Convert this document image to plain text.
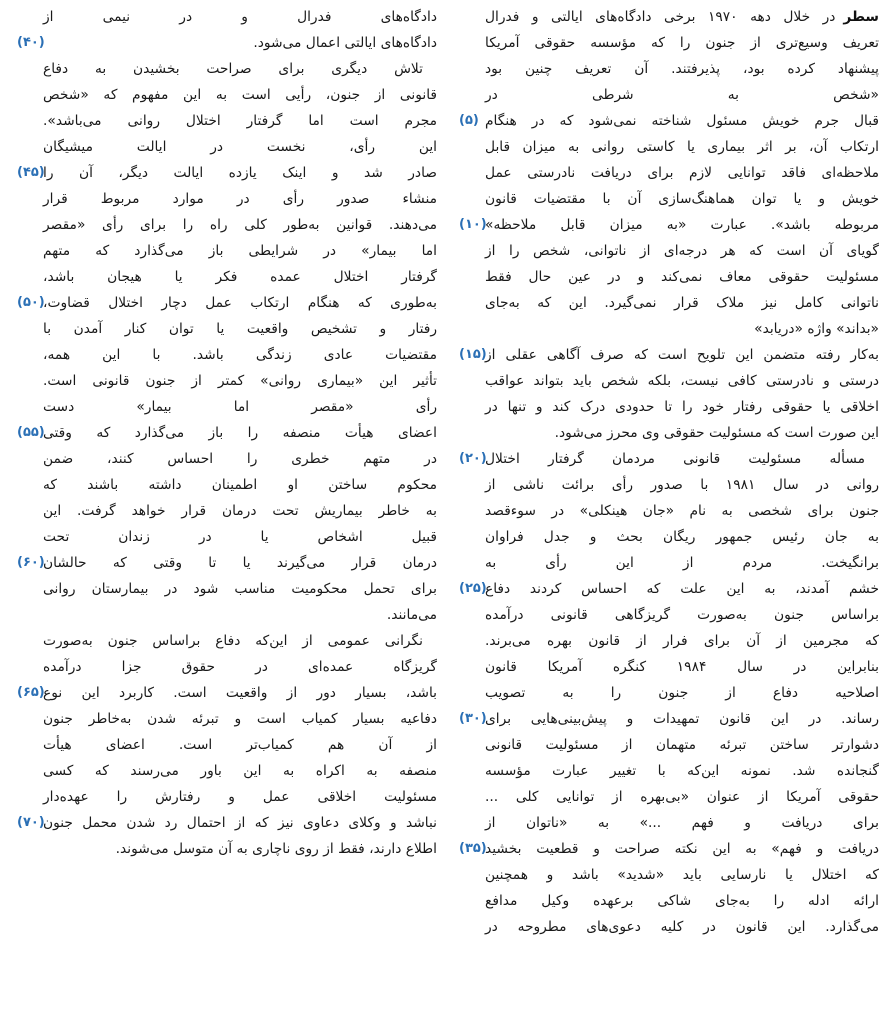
سطردر خلال دهه ۱۹۷۰ برخی دادگاه‌های ایالتی و فدرال
تعریف وسیع‌تری از جنون را که مؤسسه حقوقی آمریکا
پیشنهاد کرده بود، پذیرفتند. آن تعریف چنین بود
«شخص به شرطی در
قبال جرم خویش مسئول شناخته نمی‌شود که در هنگام
(۵)
ارتکاب آن، بر اثر بیماری یا کاستی روانی به میزان قابل
ملاحظه‌ای فاقد توانایی لازم برای دریافت نادرستی عمل
خویش و یا توان هماهنگ‌سازی آن با مقتضیات قانون
مربوطه باشد». عبارت «به میزان قابل ملاحظه»
(۱۰)
گویای آن است که هر درجه‌ای از ناتوانی، شخص را از
مسئولیت حقوقی معاف نمی‌کند و در عین حال فقط
ناتوانی کامل نیز ملاک قرار نمی‌گیرد. این که به‌جای
«بداند» واژه «دریابد»
به‌کار رفته متضمن این تلویح است که صرف آگاهی عقلی از
(۱۵)
درستی و نادرستی کافی نیست، بلکه شخص باید بتواند عواقب
اخلاقی یا حقوقی رفتار خود را تا حدودی درک کند و تنها در
این صورت است که مسئولیت حقوقی وی محرز می‌شود.
مسأله مسئولیت قانونی مردمان گرفتار اختلال
(۲۰)
روانی در سال ۱۹۸۱ با صدور رأی برائت ناشی از
جنون برای شخصی به نام «جان هینکلی» در سوءقصد
به جان رئیس جمهور ریگان بحث و جدل فراوان
برانگیخت. مردم از این رأی به
خشم آمدند، به این علت که احساس کردند دفاع
(۲۵)
براساس جنون به‌صورت گریزگاهی قانونی درآمده
که مجرمین از آن برای فرار از قانون بهره می‌برند.
بنابراین در سال ۱۹۸۴ کنگره آمریکا قانون
اصلاحیه دفاع از جنون را به تصویب
رساند. در این قانون تمهیدات و پیش‌بینی‌هایی برای
(۳۰)
دشوارتر ساختن تبرئه متهمان از مسئولیت قانونی
گنجانده شد. نمونه این‌که با تغییر عبارت مؤسسه
حقوقی آمریکا از عنوان «بی‌بهره از توانایی کلی ...
برای دریافت و فهم ...» به «ناتوان از
دریافت و فهم» به این نکته صراحت و قطعیت بخشید
(۳۵)
که اختلال یا نارسایی باید «شدید» باشد و همچنین
ارائه ادله را به‌جای شاکی برعهده وکیل مدافع
می‌گذارد. این قانون در کلیه دعوی‌های مطروحه در
دادگاه‌های فدرال و در نیمی از
دادگاه‌های ایالتی اعمال می‌شود.
(۴۰)
تلاش دیگری برای صراحت بخشیدن به دفاع
قانونی از جنون، رأیی است به این مفهوم که «شخص
مجرم است اما گرفتار اختلال روانی می‌باشد».
این رأی، نخست در ایالت میشیگان
صادر شد و اینک یازده ایالت دیگر، آن را
(۴۵)
منشاء صدور رأی در موارد مربوط قرار
می‌دهند. قوانین به‌طور کلی راه را برای رأی «مقصر
اما بیمار» در شرایطی باز می‌گذارد که متهم
گرفتار اختلال عمده فکر یا هیجان باشد،
به‌طوری که هنگام ارتکاب عمل دچار اختلال قضاوت،
(۵۰)
رفتار و تشخیص واقعیت یا توان کنار آمدن با
مقتضیات عادی زندگی باشد. با این همه،
تأثیر این «بیماری روانی» کمتر از جنون قانونی است.
رأی «مقصر اما بیمار» دست
اعضای هیأت منصفه را باز می‌گذارد که وقتی
(۵۵)
در متهم خطری را احساس کنند، ضمن
محکوم ساختن او اطمینان داشته باشند که
به خاطر بیماریش تحت درمان قرار خواهد گرفت. این
قبیل اشخاص یا در زندان تحت
درمان قرار می‌گیرند یا تا وقتی که حالشان
(۶۰)
برای تحمل محکومیت مناسب شود در بیمارستان روانی
می‌مانند.
نگرانی عمومی از این‌که دفاع براساس جنون به‌صورت
گریزگاه عمده‌ای در حقوق جزا درآمده
باشد، بسیار دور از واقعیت است. کاربرد این نوع
(۶۵)
دفاعیه بسیار کمیاب است و تبرئه شدن به‌خاطر جنون
از آن هم کمیاب‌تر است. اعضای هیأت
منصفه به اکراه به این باور می‌رسند که کسی
مسئولیت اخلاقی عمل و رفتارش را عهده‌دار
نباشد و وکلای دعاوی نیز که از احتمال رد شدن محمل جنون
(۷۰)
اطلاع دارند، فقط از روی ناچاری به آن متوسل می‌شوند.
